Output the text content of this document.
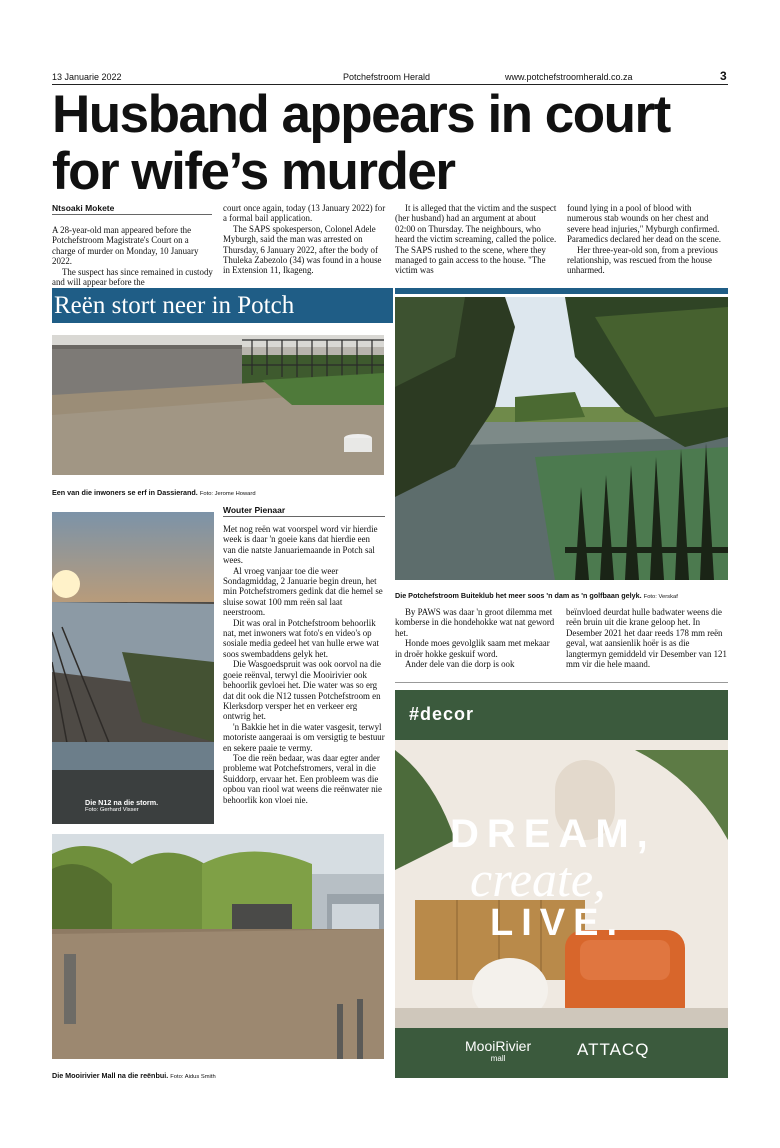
13 Januarie 2022	Potchefstroom Herald	www.potchefstroomherald.co.za	3
Husband appears in court
for wife’s murder
Ntsoaki Mokete

A 28-year-old man appeared before the Potchefstroom Magistrate's Court on a charge of murder on Monday, 10 January 2022.

The suspect has since remained in custody and will appear before the

court once again, today (13 January 2022) for a formal bail application.

The SAPS spokesperson, Colonel Adele Myburgh, said the man was arrested on Thursday, 6 January 2022, after the body of Thuleka Zabezolo (34) was found in a house in Extension 11, Ikageng.

It is alleged that the victim and the suspect (her husband) had an argument at about 02:00 on Thursday. The neighbours, who heard the victim screaming, called the police. The SAPS rushed to the scene, where they managed to gain access to the house. "The victim was

found lying in a pool of blood with numerous stab wounds on her chest and severe head injuries," Myburgh confirmed. Paramedics declared her dead on the scene.

Her three-year-old son, from a previous relationship, was rescued from the house unharmed.

Reën stort neer in Potch
Een van die inwoners se erf in Dassierand. Foto: Jerome Howard
Die Potchefstroom Buiteklub het meer soos 'n dam as 'n golfbaan gelyk. Foto: Verskaf
Die N12 na die storm.
Foto: Gerhard Visser
Wouter Pienaar

Met nog reën wat voorspel word vir hierdie week is daar 'n goeie kans dat hierdie een van die natste Januariemaande in Potch sal wees.

Al vroeg vanjaar toe die weer Sondagmiddag, 2 Januarie begin dreun, het min Potchefstromers gedink dat die hemel se sluise sowat 100 mm reën sal laat neerstroom.

Dit was oral in Potchefstroom behoorlik nat, met inwoners wat foto's en video's op sosiale media gedeel het van hulle erwe wat soos swembaddens gelyk het.

Die Wasgoedspruit was ook oorvol na die goeie reënval, terwyl die Mooirivier ook behoorlik gevloei het. Die water was so erg dat dit ook die N12 tussen Potchefstroom en Klerksdorp versper het en verkeer erg ontwrig het.

'n Bakkie het in die water vasgesit, terwyl motoriste aangeraai is om versigtig te bestuur en sekere paaie te vermy.

Toe die reën bedaar, was daar egter ander probleme wat Potchefstromers, veral in die Suiddorp, ervaar het. Een probleem was die opbou van riool wat weens die reënwater nie behoorlik kon vloei nie.

By PAWS was daar 'n groot dilemma met kombersе in die hondehokke wat nat geword het.

Honde moes gevolglik saam met mekaar in droër hokke geskuif word.

Ander dele van die dorp is ook

beïnvloed deurdat hulle badwater weens die reën bruin uit die krane geloop het. In Desember 2021 het daar reeds 178 mm reën geval, wat aansienlik hoër is as die langtermyn gemiddeld vir Desember van 121 mm vir die hele maand.

Die Mooirivier Mall na die reënbui. Foto: Aidus Smith
#decor
DREAM,
create,
LIVE.
MooiRivier
mall	ATTACQ
